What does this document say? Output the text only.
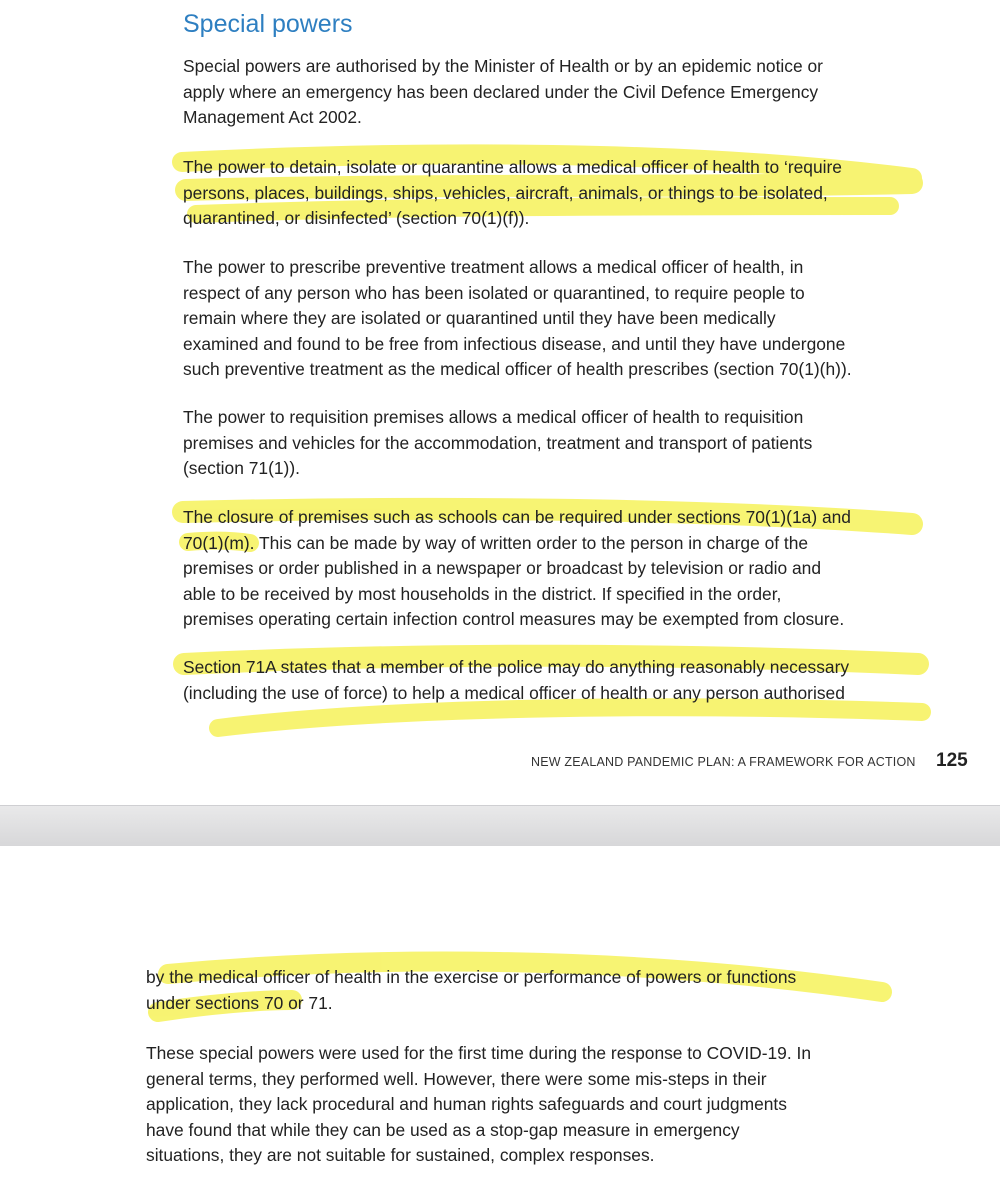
Special powers

Special powers are authorised by the Minister of Health or by an epidemic notice or
apply where an emergency has been declared under the Civil Defence Emergency
Management Act 2002.

The power to detain, isolate or quarantine allows a medical officer of health to ‘require
persons, places, buildings, ships, vehicles, aircraft, animals, or things to be isolated,
quarantined, or disinfected’ (section 70(1)(f)).

The power to prescribe preventive treatment allows a medical officer of health, in
respect of any person who has been isolated or quarantined, to require people to
remain where they are isolated or quarantined until they have been medically
examined and found to be free from infectious disease, and until they have undergone
such preventive treatment as the medical officer of health prescribes (section 70(1)(h)).

The power to requisition premises allows a medical officer of health to requisition
premises and vehicles for the accommodation, treatment and transport of patients
(section 71(1)).

The closure of premises such as schools can be required under sections 70(1)(1a) and
70(1)(m). This can be made by way of written order to the person in charge of the
premises or order published in a newspaper or broadcast by television or radio and
able to be received by most households in the district. If specified in the order,
premises operating certain infection control measures may be exempted from closure.

Section 71A states that a member of the police may do anything reasonably necessary
(including the use of force) to help a medical officer of health or any person authorised

NEW ZEALAND PANDEMIC PLAN: A FRAMEWORK FOR ACTION 125

by the medical officer of health in the exercise or performance of powers or functions
under sections 70 or 71.

These special powers were used for the first time during the response to COVID-19. In
general terms, they performed well. However, there were some mis-steps in their
application, they lack procedural and human rights safeguards and court judgments
have found that while they can be used as a stop-gap measure in emergency
situations, they are not suitable for sustained, complex responses.
